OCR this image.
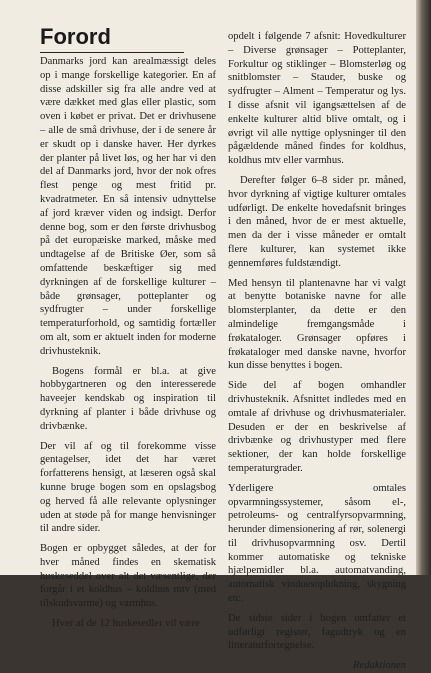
Forord

Danmarks jord kan arealmæssigt deles op i mange forskellige kategorier. En af disse adskiller sig fra alle andre ved at være dækket med glas eller plastic, som oven i købet er privat. Det er drivhusene – alle de små drivhuse, der i de senere år er skudt op i danske haver. Her dyrkes der planter på livet løs, og her har vi den del af Danmarks jord, hvor der nok ofres flest penge og mest fritid pr. kvadratmeter. En så intensiv udnyttelse af jord kræver viden og indsigt. Derfor denne bog, som er den første drivhusbog på det europæiske marked, måske med undtagelse af de Britiske Øer, som så omfattende beskæftiger sig med dyrkningen af de forskellige kulturer – både grønsager, potteplanter og sydfrugter – under forskellige temperaturforhold, og samtidig fortæller om alt, som er aktuelt inden for moderne drivhusteknik.

Bogens formål er bl.a. at give hobbygartneren og den interesserede haveejer kendskab og inspiration til dyrkning af planter i både drivhuse og drivbænke.

Der vil af og til forekomme visse gentagelser, idet det har været forfatterens hensigt, at læseren også skal kunne bruge bogen som en opslagsbog og herved få alle relevante oplysninger uden at støde på for mange henvisninger til andre sider.

Bogen er opbygget således, at der for hver måned findes en skematisk huskeseddel over alt det væsentlige, der forgår i et koldhus – koldhus mtv (med tilskudsvarme) og varmhus.

Hver af de 12 huskesedler vil være

opdelt i følgende 7 afsnit: Hovedkulturer – Diverse grønsager – Potteplanter, Forkultur og stiklinger – Blomsterløg og snitblomster – Stauder, buske og sydfrugter – Alment – Temperatur og lys. I disse afsnit vil igangsættelsen af de enkelte kulturer altid blive omtalt, og i øvrigt vil alle nyttige oplysninger til den pågældende måned findes for koldhus, koldhus mtv eller varmhus.

Derefter følger 6–8 sider pr. måned, hvor dyrkning af vigtige kulturer omtales udførligt. De enkelte hovedafsnit bringes i den måned, hvor de er mest aktuelle, men da der i visse måneder er omtalt flere kulturer, kan systemet ikke gennemføres fuldstændigt.

Med hensyn til plantenavne har vi valgt at benytte botaniske navne for alle blomsterplanter, da dette er den almindelige fremgangsmåde i frøkataloger. Grønsager opføres i frøkataloger med danske navne, hvorfor kun disse benyttes i bogen.

Side del af bogen omhandler drivhusteknik. Afsnittet indledes med en omtale af drivhuse og drivhusmaterialer. Desuden er der en beskrivelse af drivbænke og drivhustyper med flere sektioner, der kan holde forskellige temperaturgrader.

Yderligere omtales opvarmningssystemer, såsom el-, petroleums- og centralfyrsopvarmning, herunder dimensionering af rør, solenergi til drivhusopvarmning osv. Dertil kommer automatiske og tekniske hjælpemidler bl.a. automatvanding, automatisk vinduesoplukning, skygning etc.

De sidste sider i bogen omfatter et udførligt register, fagudtryk og en litteraturfortegnelse.

Redaktionen
